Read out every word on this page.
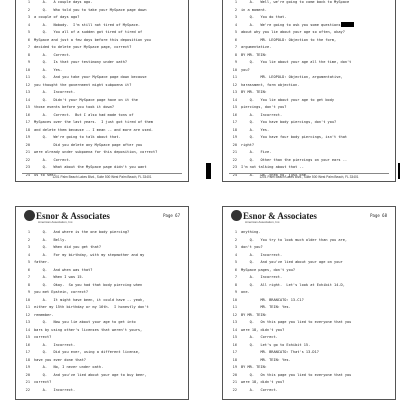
1	A.   A couple days ago.
2	Q.   Who told you to take your MySpace page down
3	a couple of days ago?
4	A.   Nobody.  I'm still not tired of MySpace.
5	Q.   You all of a sudden got tired of tired of
6	MySpace and just a few days before this deposition you
7	decided to delete your MySpace page, correct?
8	A.   Correct.
9	Q.   Is that your testimony under oath?
10	A.   Yes.
11	Q.   And you take your MySpace page down because
12	you thought the government might subpoena it?
13	A.   Incorrect.
14	Q.   Didn't your MySpace page have on it the
15	those events before you took it down?
16	A.   Correct.  But I also had made tons of
17	MySpaces over the last years.  I just got tired of them
18	and delete them because -- I mean -- and more are used.
19	Q.   We're going to talk about that.
20	Did you delete any MySpace page after you
21	were already under subpoena for this deposition, correct?
22	A.   Correct.
23	Q.   What about the MySpace page didn't you want
24	us to see?
1201 Palm Beach Lakes Blvd., Suite 500 West Palm Beach, FL 33401
1	A.   Well, we're going to come back to MySpace
2	in a moment.
3	Q.   You do that.
4	A.   We're going to ask you some questions
5	about why you lie about your age so often, okay?
6	MR. LEOPOLD: Objection to the form,
7	argumentative.
8	BY MR. TEIN:
9	Q.   You lie about your age all the time, don't
10	you?
11	MR. LEOPOLD: Objection, argumentative,
12	harassment, form objection.
13	BY MR. TEIN:
14	Q.   You lie about your age to get body
15	piercings, don't you?
16	A.   Incorrect.
17	Q.   You have body piercings, don't you?
18	A.   Yes.
19	Q.   You have four body piercings, isn't that
20	right?
21	A.   Five.
22	Q.   Other than the piercings on your ears --
23	I'm not talking about that --
24	A.   Oh, then no, just one.
1201 Palm Beach Lakes Blvd., Suite 500 West Palm Beach, FL 33401
Esnor & Associates
American Association, Inc.
Page 67
1	Q.   And where is the one body piercing?
2	A.   Belly.
3	Q.   When did you get that?
4	A.   For my birthday, with my stepmother and my
5	father.
6	Q.   And when was that?
7	A.   When I was 15.
8	Q.   Okay.  So you had that body piercing when
9	you met Epstein, correct?
10	A.   It might have been, it could have -- yeah,
11	either my 15th birthday or my 16th.  I honestly don't
12	remember.
13	Q.   Now you lie about your age to get into
14	bars by using other's licenses that weren't yours,
15	correct?
16	A.   Incorrect.
17	Q.   Did you ever, using a different license,
18	have you ever done that?
19	A.   No, I never under oath.
20	Q.   And you've lied about your age to buy beer,
21	correct?
22	A.   Incorrect.
Esnor & Associates
American Association, Inc.
Page 68
1	anything.
2	Q.   You try to look much older than you are,
3	don't you?
4	A.   Incorrect.
5	Q.   And you've lied about your age on your
6	MySpace pages, don't you?
7	A.   Incorrect.
8	Q.   All right.  Let's look at Exhibit 14-D,
9	one.
10	MR. BRANCATO: 13-C1?
11	MR. TEIN: Yes.
12	BY MR. TEIN:
13	Q.   On this page you lied to everyone that you
14	were 18, didn't you?
15	A.   Correct.
16	Q.   Let's go to Exhibit 15.
17	MR. BRANCATO: That's 13-D1?
18	MR. TEIN: Yes.
19	BY MR. TEIN:
20	Q.   On this page you lied to everyone that you
21	were 18, didn't you?
22	A.   Correct.
